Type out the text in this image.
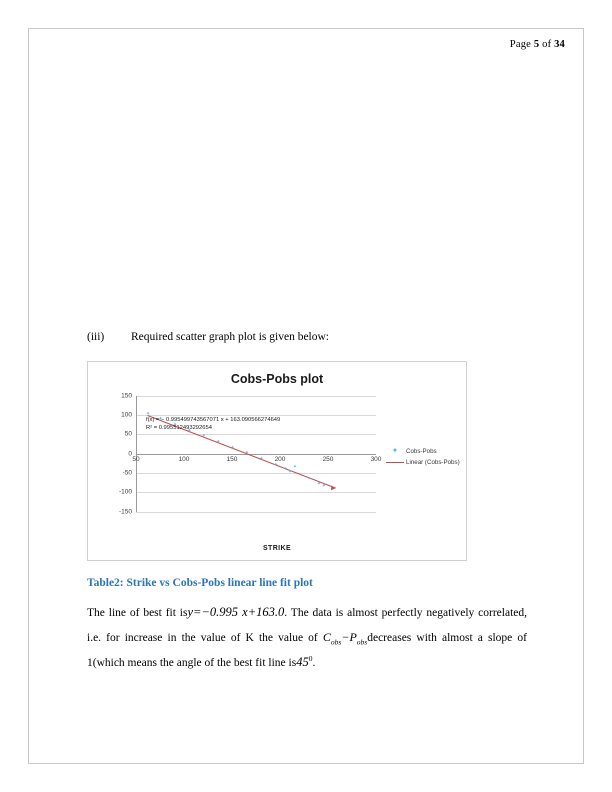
Page 5 of 34
(iii)	Required scatter graph plot is given below:
Cobs-Pobs plot
150
100
50
0
-50
-100
-150
50	100	150	200	250	300
✦
✦
✦
✦
✦
✦
✦
✦
✦
✦
✦
✦
✦
✦
✦
✦
f(x) = − 0.995499743567071 x + 163.090566274649
R² = 0.995512493292654
✦ Cobs-Pobs
Linear (Cobs-Pobs)
STRIKE
Table2: Strike vs Cobs-Pobs linear line fit plot
The line of best fit isy=−0.995 x+163.0. The data is almost perfectly negatively correlated, i.e. for increase in the value of K the value of $C_{obs}-P_{obs}decreases$ with almost a slope of 1(which means the angle of the best fit line $is45^0$.
